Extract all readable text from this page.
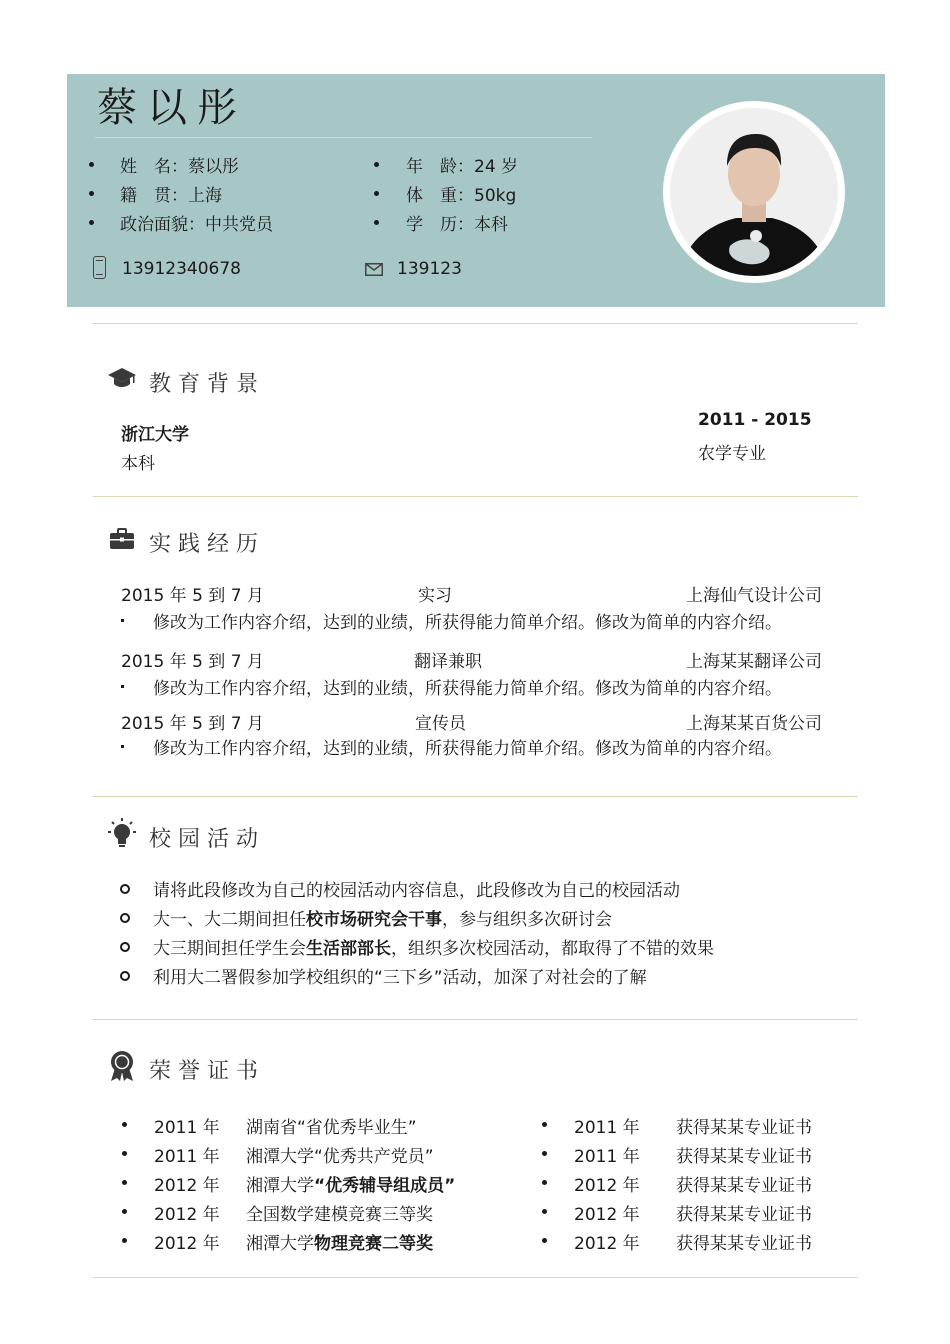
蔡以彤
姓　名：蔡以彤
籍　贯：上海
政治面貌：中共党员
年　龄：24 岁
体　重：50kg
学　历：本科
13912340678	139123
教育背景
浙江大学
本科
2011 - 2015
农学专业
实践经历
2015 年 5 到 7 月	实习	上海仙气设计公司
修改为工作内容介绍，达到的业绩，所获得能力简单介绍。修改为简单的内容介绍。
2015 年 5 到 7 月	翻译兼职	上海某某翻译公司
修改为工作内容介绍，达到的业绩，所获得能力简单介绍。修改为简单的内容介绍。
2015 年 5 到 7 月	宣传员	上海某某百货公司
修改为工作内容介绍，达到的业绩，所获得能力简单介绍。修改为简单的内容介绍。
校园活动
请将此段修改为自己的校园活动内容信息，此段修改为自己的校园活动
大一、大二期间担任校市场研究会干事，参与组织多次研讨会
大三期间担任学生会生活部部长，组织多次校园活动，都取得了不错的效果
利用大二署假参加学校组织的“三下乡”活动，加深了对社会的了解
荣誉证书
2011 年 湖南省“省优秀毕业生”
2011 年 湘潭大学“优秀共产党员”
2012 年 湘潭大学“优秀辅导组成员”
2012 年 全国数学建模竞赛三等奖
2012 年 湘潭大学物理竞赛二等奖
2011 年 获得某某专业证书
2011 年 获得某某专业证书
2012 年 获得某某专业证书
2012 年 获得某某专业证书
2012 年 获得某某专业证书
